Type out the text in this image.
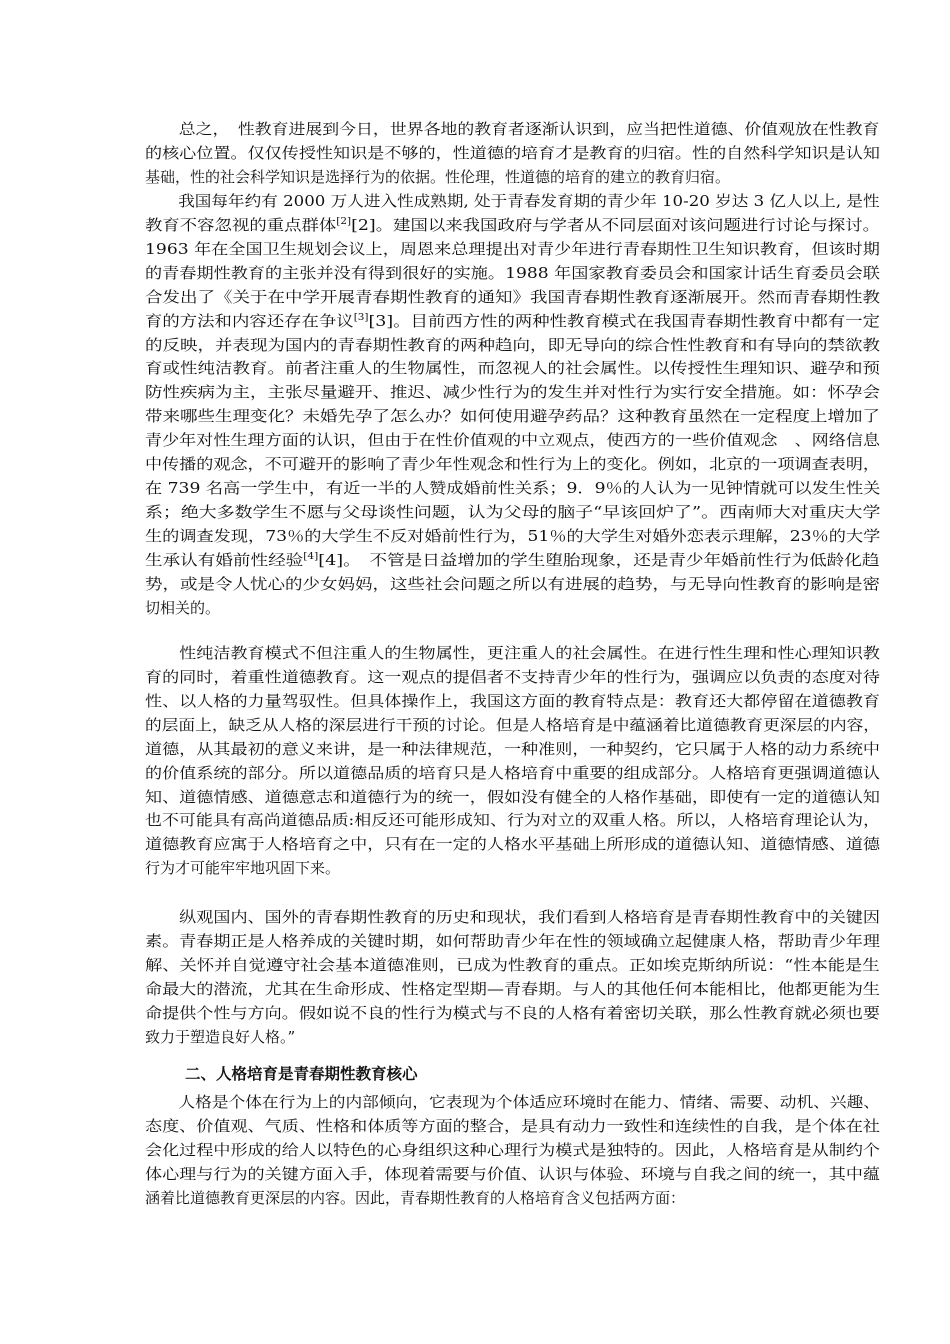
　　总之，　性教育进展到今日，世界各地的教育者逐渐认识到，应当把性道德、价值观放在性教育
的核心位置。仅仅传授性知识是不够的，性道德的培育才是教育的归宿。性的自然科学知识是认知
基础，性的社会科学知识是选择行为的依据。性伦理，性道德的培育的建立的教育归宿。
　　我国每年约有 2000 万人进入性成熟期, 处于青春发育期的青少年 10-20 岁达 3 亿人以上, 是性
教育不容忽视的重点群体[2][2]。建国以来我国政府与学者从不同层面对该问题进行讨论与探讨。
1963 年在全国卫生规划会议上，周恩来总理提出对青少年进行青春期性卫生知识教育，但该时期
的青春期性教育的主张并没有得到很好的实施。1988 年国家教育委员会和国家计话生育委员会联
合发出了《关于在中学开展青春期性教育的通知》我国青春期性教育逐渐展开。然而青春期性教
育的方法和内容还存在争议[3][3]。目前西方性的两种性教育模式在我国青春期性教育中都有一定
的反映，并表现为国内的青春期性教育的两种趋向，即无导向的综合性性教育和有导向的禁欲教
育或性纯洁教育。前者注重人的生物属性，而忽视人的社会属性。以传授性生理知识、避孕和预
防性疾病为主，主张尽量避开、推迟、减少性行为的发生并对性行为实行安全措施。如：怀孕会
带来哪些生理变化？未婚先孕了怎么办？如何使用避孕药品？这种教育虽然在一定程度上增加了
青少年对性生理方面的认识，但由于在性价值观的中立观点，使西方的一些价值观念　、网络信息
中传播的观念，不可避开的影响了青少年性观念和性行为上的变化。例如，北京的一项调查表明，
在 739 名高一学生中，有近一半的人赞成婚前性关系；9．9％的人认为一见钟情就可以发生性关
系；绝大多数学生不愿与父母谈性问题，认为父母的脑子“早该回炉了”。西南师大对重庆大学
生的调查发现，73％的大学生不反对婚前性行为，51％的大学生对婚外恋表示理解，23％的大学
生承认有婚前性经验[4][4]。　不管是日益增加的学生堕胎现象，还是青少年婚前性行为低龄化趋
势，或是令人忧心的少女妈妈，这些社会问题之所以有进展的趋势，与无导向性教育的影响是密
切相关的。
　　性纯洁教育模式不但注重人的生物属性，更注重人的社会属性。在进行性生理和性心理知识教
育的同时，着重性道德教育。这一观点的提倡者不支持青少年的性行为，强调应以负责的态度对待
性、以人格的力量驾驭性。但具体操作上，我国这方面的教育特点是：教育还大都停留在道德教育
的层面上，缺乏从人格的深层进行干预的讨论。但是人格培育是中蕴涵着比道德教育更深层的内容，
道德，从其最初的意义来讲，是一种法律规范，一种准则，一种契约，它只属于人格的动力系统中
的价值系统的部分。所以道德品质的培育只是人格培育中重要的组成部分。人格培育更强调道德认
知、道德情感、道德意志和道德行为的统一，假如没有健全的人格作基础，即使有一定的道德认知
也不可能具有高尚道德品质:相反还可能形成知、行为对立的双重人格。所以，人格培育理论认为，
道德教育应寓于人格培育之中，只有在一定的人格水平基础上所形成的道德认知、道德情感、道德
行为才可能牢牢地巩固下来。
　　纵观国内、国外的青春期性教育的历史和现状，我们看到人格培育是青春期性教育中的关键因
素。青春期正是人格养成的关键时期，如何帮助青少年在性的领域确立起健康人格，帮助青少年理
解、关怀并自觉遵守社会基本道德准则，已成为性教育的重点。正如埃克斯纳所说：“性本能是生
命最大的潜流，尤其在生命形成、性格定型期—青春期。与人的其他任何本能相比，他都更能为生
命提供个性与方向。假如说不良的性行为模式与不良的人格有着密切关联，那么性教育就必须也要
致力于塑造良好人格。”
二、人格培育是青春期性教育核心
　　人格是个体在行为上的内部倾向，它表现为个体适应环境时在能力、情绪、需要、动机、兴趣、
态度、价值观、气质、性格和体质等方面的整合，是具有动力一致性和连续性的自我，是个体在社
会化过程中形成的给人以特色的心身组织这种心理行为模式是独特的。因此，人格培育是从制约个
体心理与行为的关键方面入手，体现着需要与价值、认识与体验、环境与自我之间的统一，其中蕴
涵着比道德教育更深层的内容。因此，青春期性教育的人格培育含义包括两方面：
